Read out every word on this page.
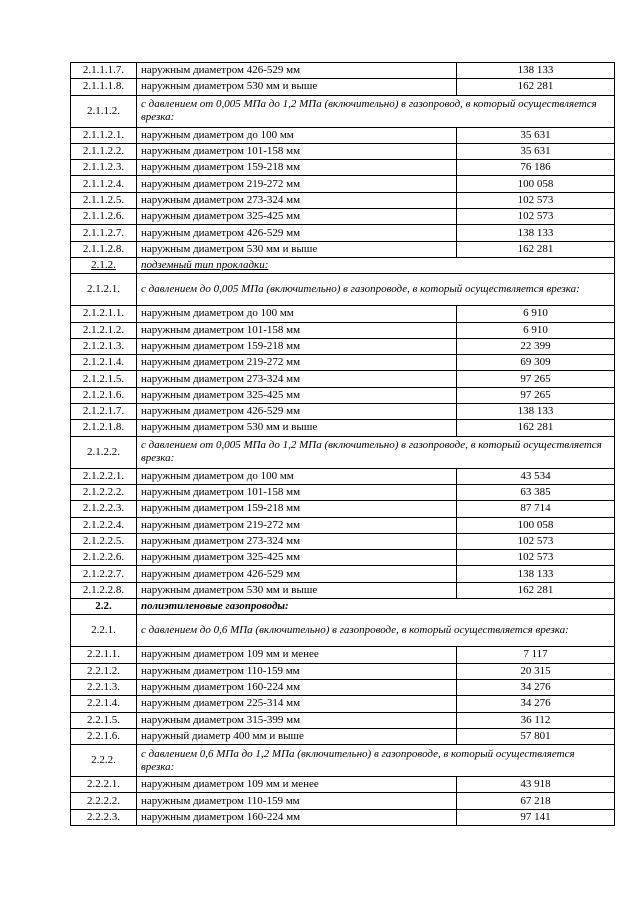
2.1.1.1.7.	наружным диаметром 426-529 мм	138 133
2.1.1.1.8.	наружным диаметром 530 мм и выше	162 281
2.1.1.2.	с давлением от 0,005 МПа до 1,2 МПа (включительно) в газопровод, в который осуществляется врезка:	
2.1.1.2.1.	наружным диаметром до 100 мм	35 631
2.1.1.2.2.	наружным диаметром 101-158 мм	35 631
2.1.1.2.3.	наружным диаметром 159-218 мм	76 186
2.1.1.2.4.	наружным диаметром 219-272 мм	100 058
2.1.1.2.5.	наружным диаметром 273-324 мм	102 573
2.1.1.2.6.	наружным диаметром 325-425 мм	102 573
2.1.1.2.7.	наружным диаметром 426-529 мм	138 133
2.1.1.2.8.	наружным диаметром 530 мм и выше	162 281
2.1.2.	подземный тип прокладки:	
2.1.2.1.	с давлением до 0,005 МПа (включительно) в газопроводе, в который осуществляется врезка:	
2.1.2.1.1.	наружным диаметром до 100 мм	6 910
2.1.2.1.2.	наружным диаметром 101-158 мм	6 910
2.1.2.1.3.	наружным диаметром 159-218 мм	22 399
2.1.2.1.4.	наружным диаметром 219-272 мм	69 309
2.1.2.1.5.	наружным диаметром 273-324 мм	97 265
2.1.2.1.6.	наружным диаметром 325-425 мм	97 265
2.1.2.1.7.	наружным диаметром 426-529 мм	138 133
2.1.2.1.8.	наружным диаметром 530 мм и выше	162 281
2.1.2.2.	с давлением от 0,005 МПа до 1,2 МПа (включительно) в газопроводе, в который осуществляется врезка:	
2.1.2.2.1.	наружным диаметром до 100 мм	43 534
2.1.2.2.2.	наружным диаметром 101-158 мм	63 385
2.1.2.2.3.	наружным диаметром 159-218 мм	87 714
2.1.2.2.4.	наружным диаметром 219-272 мм	100 058
2.1.2.2.5.	наружным диаметром 273-324 мм	102 573
2.1.2.2.6.	наружным диаметром 325-425 мм	102 573
2.1.2.2.7.	наружным диаметром 426-529 мм	138 133
2.1.2.2.8.	наружным диаметром 530 мм и выше	162 281
2.2.	полиэтиленовые газопроводы:	
2.2.1.	с давлением до 0,6 МПа (включительно) в газопроводе, в который осуществляется врезка:	
2.2.1.1.	наружным диаметром 109 мм и менее	7 117
2.2.1.2.	наружным диаметром 110-159 мм	20 315
2.2.1.3.	наружным диаметром 160-224 мм	34 276
2.2.1.4.	наружным диаметром 225-314 мм	34 276
2.2.1.5.	наружным диаметром 315-399 мм	36 112
2.2.1.6.	наружный диаметр 400 мм и выше	57 801
2.2.2.	с давлением 0,6 МПа до 1,2 МПа (включительно) в газопроводе, в который осуществляется врезка:	
2.2.2.1.	наружным диаметром 109 мм и менее	43 918
2.2.2.2.	наружным диаметром 110-159 мм	67 218
2.2.2.3.	наружным диаметром 160-224 мм	97 141
